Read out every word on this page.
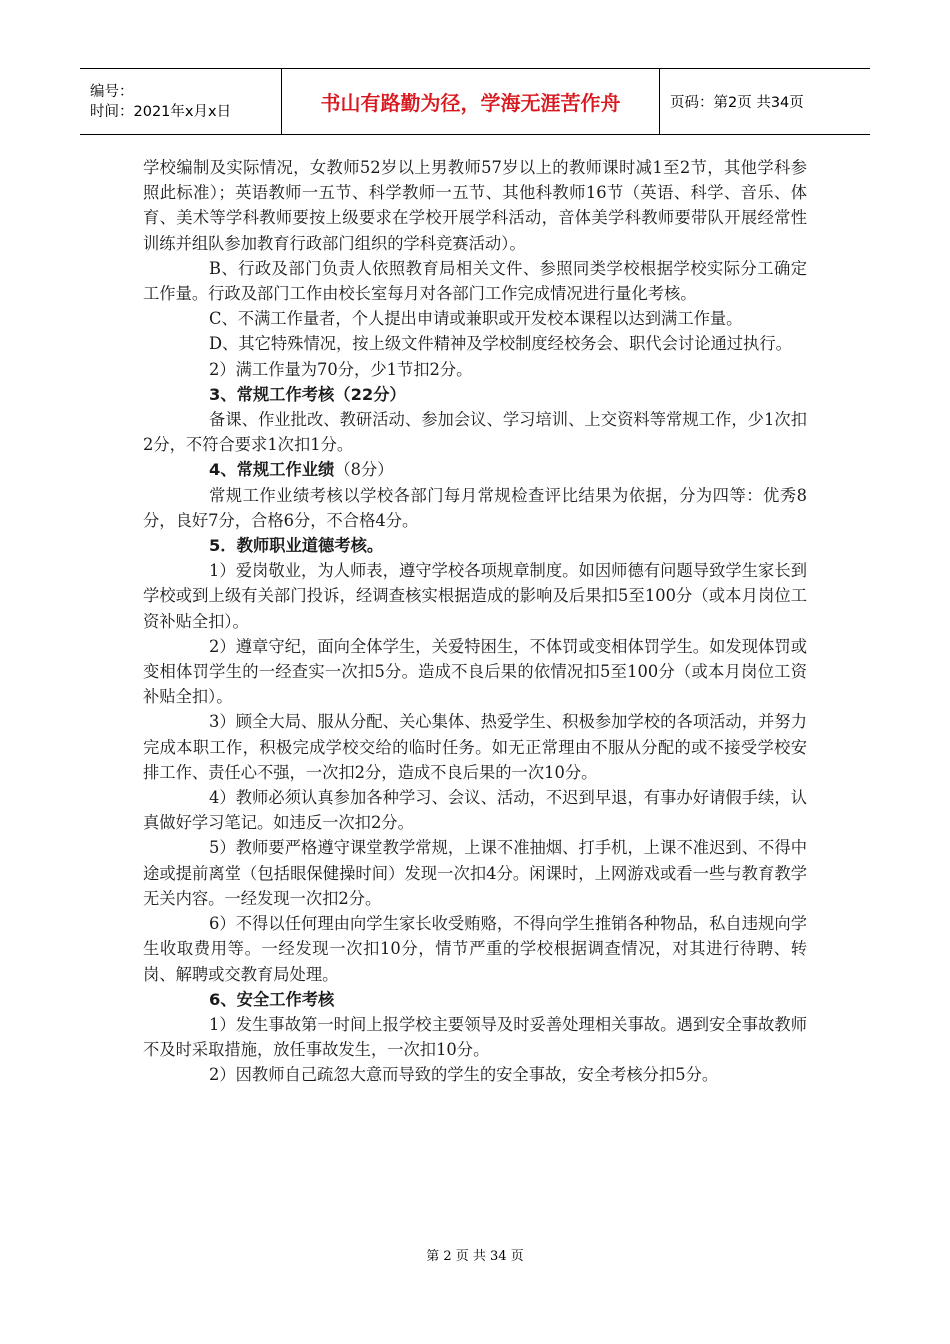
编号：
时间：2021年x月x日	书山有路勤为径，学海无涯苦作舟	页码：第2页 共34页

学校编制及实际情况，女教师52岁以上男教师57岁以上的教师课时减1至2节，其他学科参照此标准）；英语教师一五节、科学教师一五节、其他科教师16节（英语、科学、音乐、体育、美术等学科教师要按上级要求在学校开展学科活动，音体美学科教师要带队开展经常性训练并组队参加教育行政部门组织的学科竞赛活动）。

B、行政及部门负责人依照教育局相关文件、参照同类学校根据学校实际分工确定工作量。行政及部门工作由校长室每月对各部门工作完成情况进行量化考核。

C、不满工作量者，个人提出申请或兼职或开发校本课程以达到满工作量。

D、其它特殊情况，按上级文件精神及学校制度经校务会、职代会讨论通过执行。

2）满工作量为70分，少1节扣2分。

3、常规工作考核（22分）

备课、作业批改、教研活动、参加会议、学习培训、上交资料等常规工作，少1次扣2分，不符合要求1次扣1分。

4、常规工作业绩（8分）

常规工作业绩考核以学校各部门每月常规检查评比结果为依据，分为四等：优秀8分，良好7分，合格6分，不合格4分。

5．教师职业道德考核。

1）爱岗敬业，为人师表，遵守学校各项规章制度。如因师德有问题导致学生家长到学校或到上级有关部门投诉，经调查核实根据造成的影响及后果扣5至100分（或本月岗位工资补贴全扣）。

2）遵章守纪，面向全体学生，关爱特困生，不体罚或变相体罚学生。如发现体罚或变相体罚学生的一经查实一次扣5分。造成不良后果的依情况扣5至100分（或本月岗位工资补贴全扣）。

3）顾全大局、服从分配、关心集体、热爱学生、积极参加学校的各项活动，并努力完成本职工作，积极完成学校交给的临时任务。如无正常理由不服从分配的或不接受学校安排工作、责任心不强，一次扣2分，造成不良后果的一次10分。

4）教师必须认真参加各种学习、会议、活动，不迟到早退，有事办好请假手续，认真做好学习笔记。如违反一次扣2分。

5）教师要严格遵守课堂教学常规，上课不准抽烟、打手机，上课不准迟到、不得中途或提前离堂（包括眼保健操时间）发现一次扣4分。闲课时，上网游戏或看一些与教育教学无关内容。一经发现一次扣2分。

6）不得以任何理由向学生家长收受贿赂，不得向学生推销各种物品，私自违规向学生收取费用等。一经发现一次扣10分，情节严重的学校根据调查情况，对其进行待聘、转岗、解聘或交教育局处理。

6、安全工作考核

1）发生事故第一时间上报学校主要领导及时妥善处理相关事故。遇到安全事故教师不及时采取措施，放任事故发生，一次扣10分。

2）因教师自己疏忽大意而导致的学生的安全事故，安全考核分扣5分。

第 2 页 共 34 页
